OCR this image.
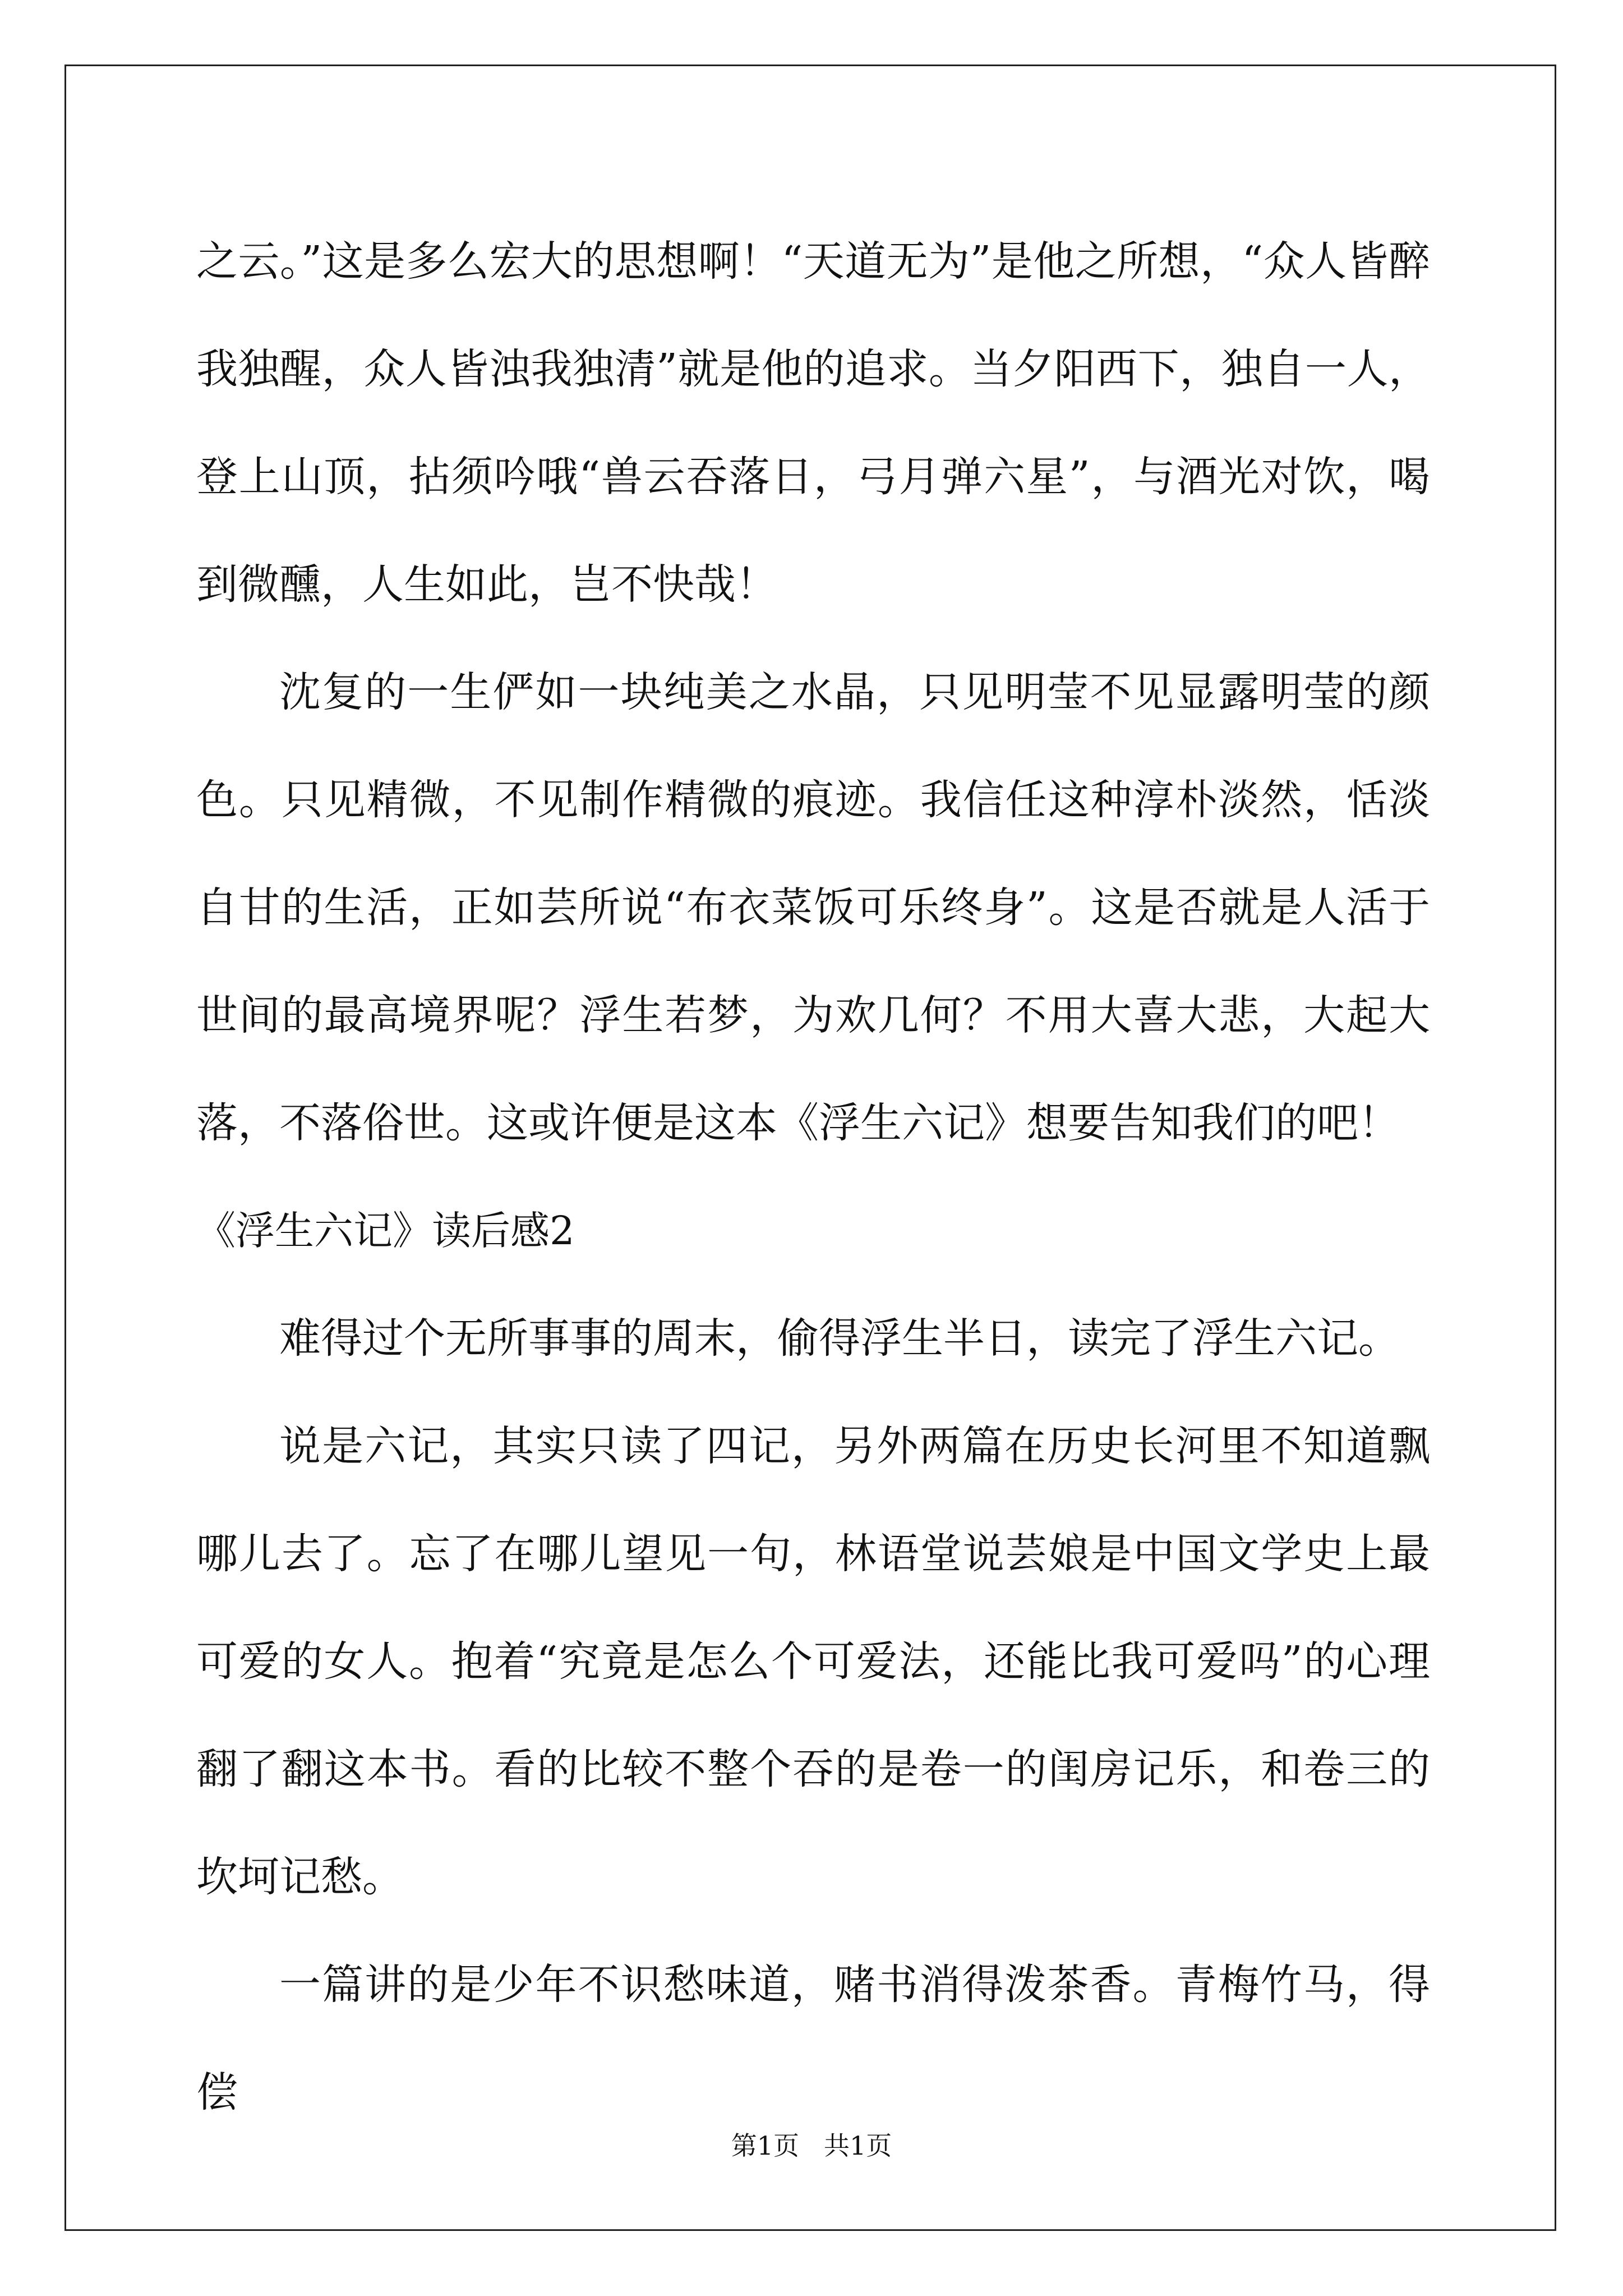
之云。”这是多么宏大的思想啊！“天道无为”是他之所想，“众人皆醉我独醒，众人皆浊我独清”就是他的追求。当夕阳西下，独自一人，登上山顶，拈须吟哦“兽云吞落日，弓月弹六星”，与酒光对饮，喝到微醺，人生如此，岂不快哉！

沈复的一生俨如一块纯美之水晶，只见明莹不见显露明莹的颜色。只见精微，不见制作精微的痕迹。我信任这种淳朴淡然，恬淡自甘的生活，正如芸所说“布衣菜饭可乐终身”。这是否就是人活于世间的最高境界呢？浮生若梦，为欢几何？不用大喜大悲，大起大落，不落俗世。这或许便是这本《浮生六记》想要告知我们的吧！

《浮生六记》读后感2

难得过个无所事事的周末，偷得浮生半日，读完了浮生六记。

说是六记，其实只读了四记，另外两篇在历史长河里不知道飘哪儿去了。忘了在哪儿望见一句，林语堂说芸娘是中国文学史上最可爱的女人。抱着“究竟是怎么个可爱法，还能比我可爱吗”的心理翻了翻这本书。看的比较不整个吞的是卷一的闺房记乐，和卷三的坎坷记愁。

一篇讲的是少年不识愁味道，赌书消得泼茶香。青梅竹马，得偿

第1页 共1页
